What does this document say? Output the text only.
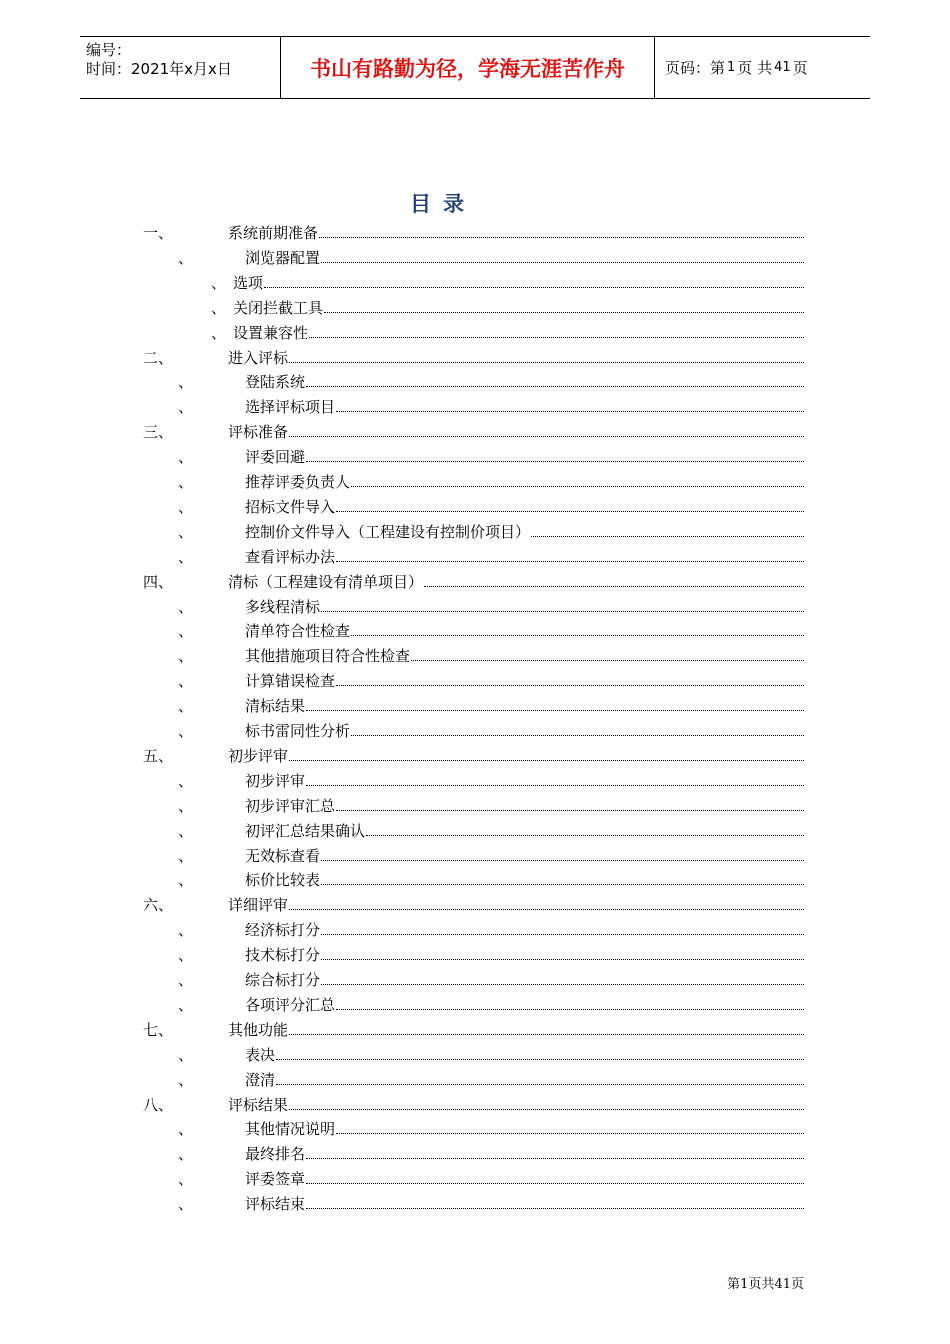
编号：
时间：2021年x月x日	书山有路勤为径，学海无涯苦作舟	页码：第 1 页 共 41 页
目录
一、	系统前期准备
、	浏览器配置
、 选项
、 关闭拦截工具
、 设置兼容性
二、	进入评标
、	登陆系统
、	选择评标项目
三、	评标准备
、	评委回避
、	推荐评委负责人
、	招标文件导入
、	控制价文件导入（工程建设有控制价项目）
、	查看评标办法
四、	清标（工程建设有清单项目）
、	多线程清标
、	清单符合性检查
、	其他措施项目符合性检查
、	计算错误检查
、	清标结果
、	标书雷同性分析
五、	初步评审
、	初步评审
、	初步评审汇总
、	初评汇总结果确认
、	无效标查看
、	标价比较表
六、	详细评审
、	经济标打分
、	技术标打分
、	综合标打分
、	各项评分汇总
七、	其他功能
、	表决
、	澄清
八、	评标结果
、	其他情况说明
、	最终排名
、	评委签章
、	评标结束
第1页共41页
